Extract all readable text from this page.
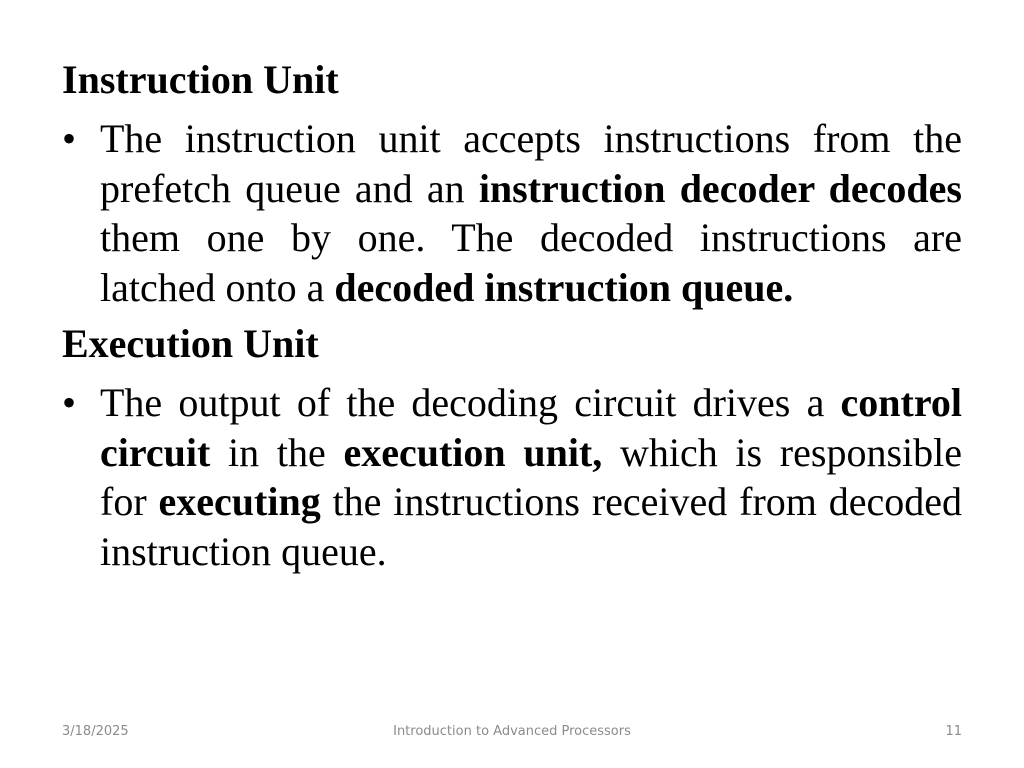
Instruction Unit
• The instruction unit accepts instructions from the prefetch queue and an instruction decoder decodes them one by one. The decoded instructions are latched onto a decoded instruction queue.
Execution Unit
• The output of the decoding circuit drives a control circuit in the execution unit, which is responsible for executing the instructions received from decoded instruction queue.
3/18/2025	Introduction to Advanced Processors	11
